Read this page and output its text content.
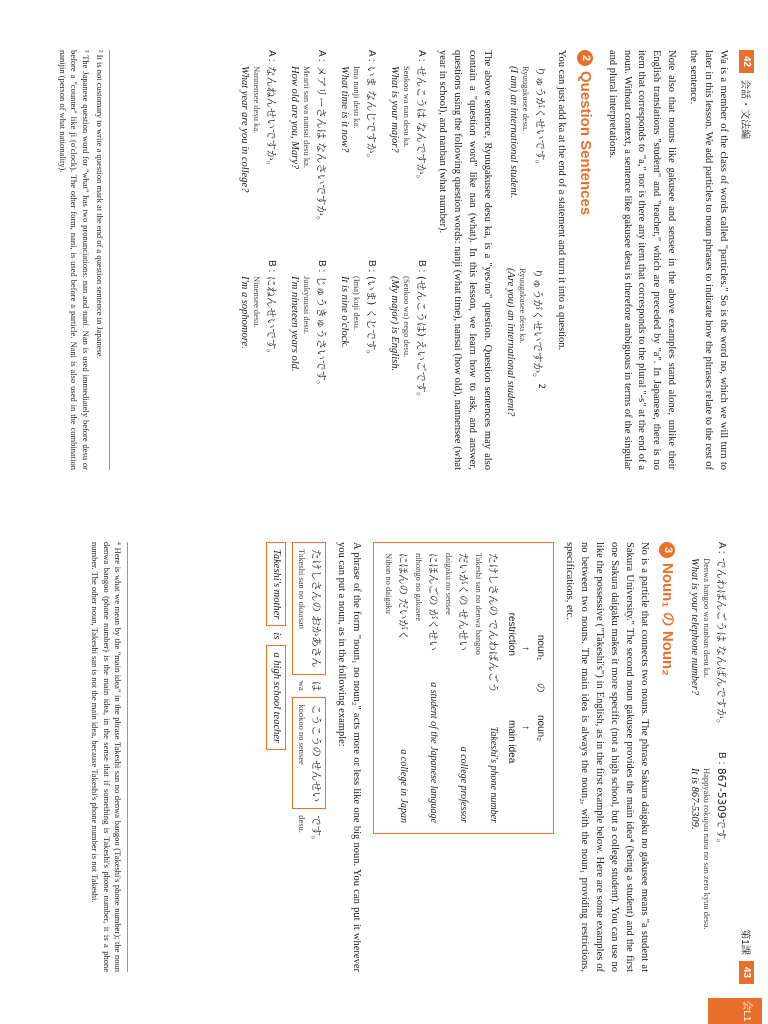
42
会話・文法編

Wa is a member of the class of words called "particles." So is the word no, which we will turn to later in this lesson. We add particles to noun phrases to indicate how the phrases relate to the rest of the sentence.

Note also that nouns like gakusee and sensee in the above examples stand alone, unlike their English translations "student" and "teacher," which are preceded by "a". In Japanese, there is no item that corresponds to "a," nor is there any item that corresponds to the plural "-s" at the end of a noun. Without context, a sentence like gakusee desu is therefore ambiguous in terms of the singular and plural interpretations.

2
Question Sentences

You can just add ka at the end of a statement and turn it into a question.

りゅうがくせいです。
Ryuugakusee desu.
(I am) an international student.
りゅうがくせいですか。$^2$
Ryuugakusee desu ka.
(Are you) an international student?

The above sentence, Ryuugakusee desu ka, is a "yes/no" question. Question sentences may also contain a "question word" like nan (what). In this lesson, we learn how to ask, and answer, questions using the following question words: nanji (what time), nansai (how old), nannensee (what year in school), and nanban (what number).

A :
せんこうは なんですか。
Senkoo wa nan desu ka.
What is your major?
B :
(せんこうは) えいごです。
(Senkoo wa) eego desu.
(My major) is English.
A :
いま なんじですか。
Ima nanji desu ka.
What time is it now?
B :
(いま) くじです。
(Ima) kuji desu.
It is nine o'clock.
A :
メアリーさんは なんさいですか。
Mearii san wa nansai desu ka.
How old are you, Mary?
B :
じゅうきゅうさいです。
Juukyuusai desu.
I'm nineteen years old.
A :
なんねんせいですか。
Nannensee desu ka.
What year are you in college?
B :
にねんせいです。
Ninensee desu.
I'm a sophomore.

² It is not customary to write a question mark at the end of a question sentence in Japanese.

³ The Japanese question word for "what" has two pronunciations: nan and nani. Nan is used immediately before desu or before a "counter" like ji (o'clock). The other form, nani, is used before a particle. Nani is also used in the combination nanijin (person of what nationality).

第1課
43
会L1
A :
でんわばんごうは なんばんですか。
Denwa bangoo wa nanban desu ka.
What is your telephone number?
B :
867-5309です。
Happyaku rokujuu nana no san zero kyuu desu.
It is 867-5309.
3
Noun₁ の Noun₂

No is a particle that connects two nouns. The phrase Sakura daigaku no gakusee means "a student at Sakura University." The second noun gakusee provides the main idea⁴ (being a student) and the first one Sakura daigaku makes it more specific (not a high school, but a college student). You can use no like the possessive ("Takeshi's") in English, as in the first example below. Here are some examples of no between two nouns. The main idea is always the noun₂, with the noun₁ providing restrictions, specifications, etc.

noun₁
の
noun₂
↑
↑
restriction
main idea
たけしさんの でんわばんごう
Takeshi san no denwa bangoo
Takeshi's phone number
だいがくの せんせい
daigaku no sensee
a college professor
にほんごの がくせい
nihongo no gakusee
a student of the Japanese language
にほんの だいがく
Nihon no daigaku
a college in Japan

A phrase of the form "noun₁ no noun₂" acts more or less like one big noun. You can put it wherever you can put a noun, as in the following example:

たけしさんの おかあさん
Takeshi san no okaasan
は
wa
こうこうの せんせい
kookoo no sensee
です。
desu.
Takeshi's mother
is
a high school teacher

⁴ Here is what we mean by the "main idea" in the phrase Takeshi san no denwa bangoo (Takeshi's phone number); the noun denwa bangoo (phone number) is the main idea, in the sense that if something is Takeshi's phone number, it is a phone number. The other noun, Takeshi san is not the main idea, because Takeshi's phone number is not Takeshi.
